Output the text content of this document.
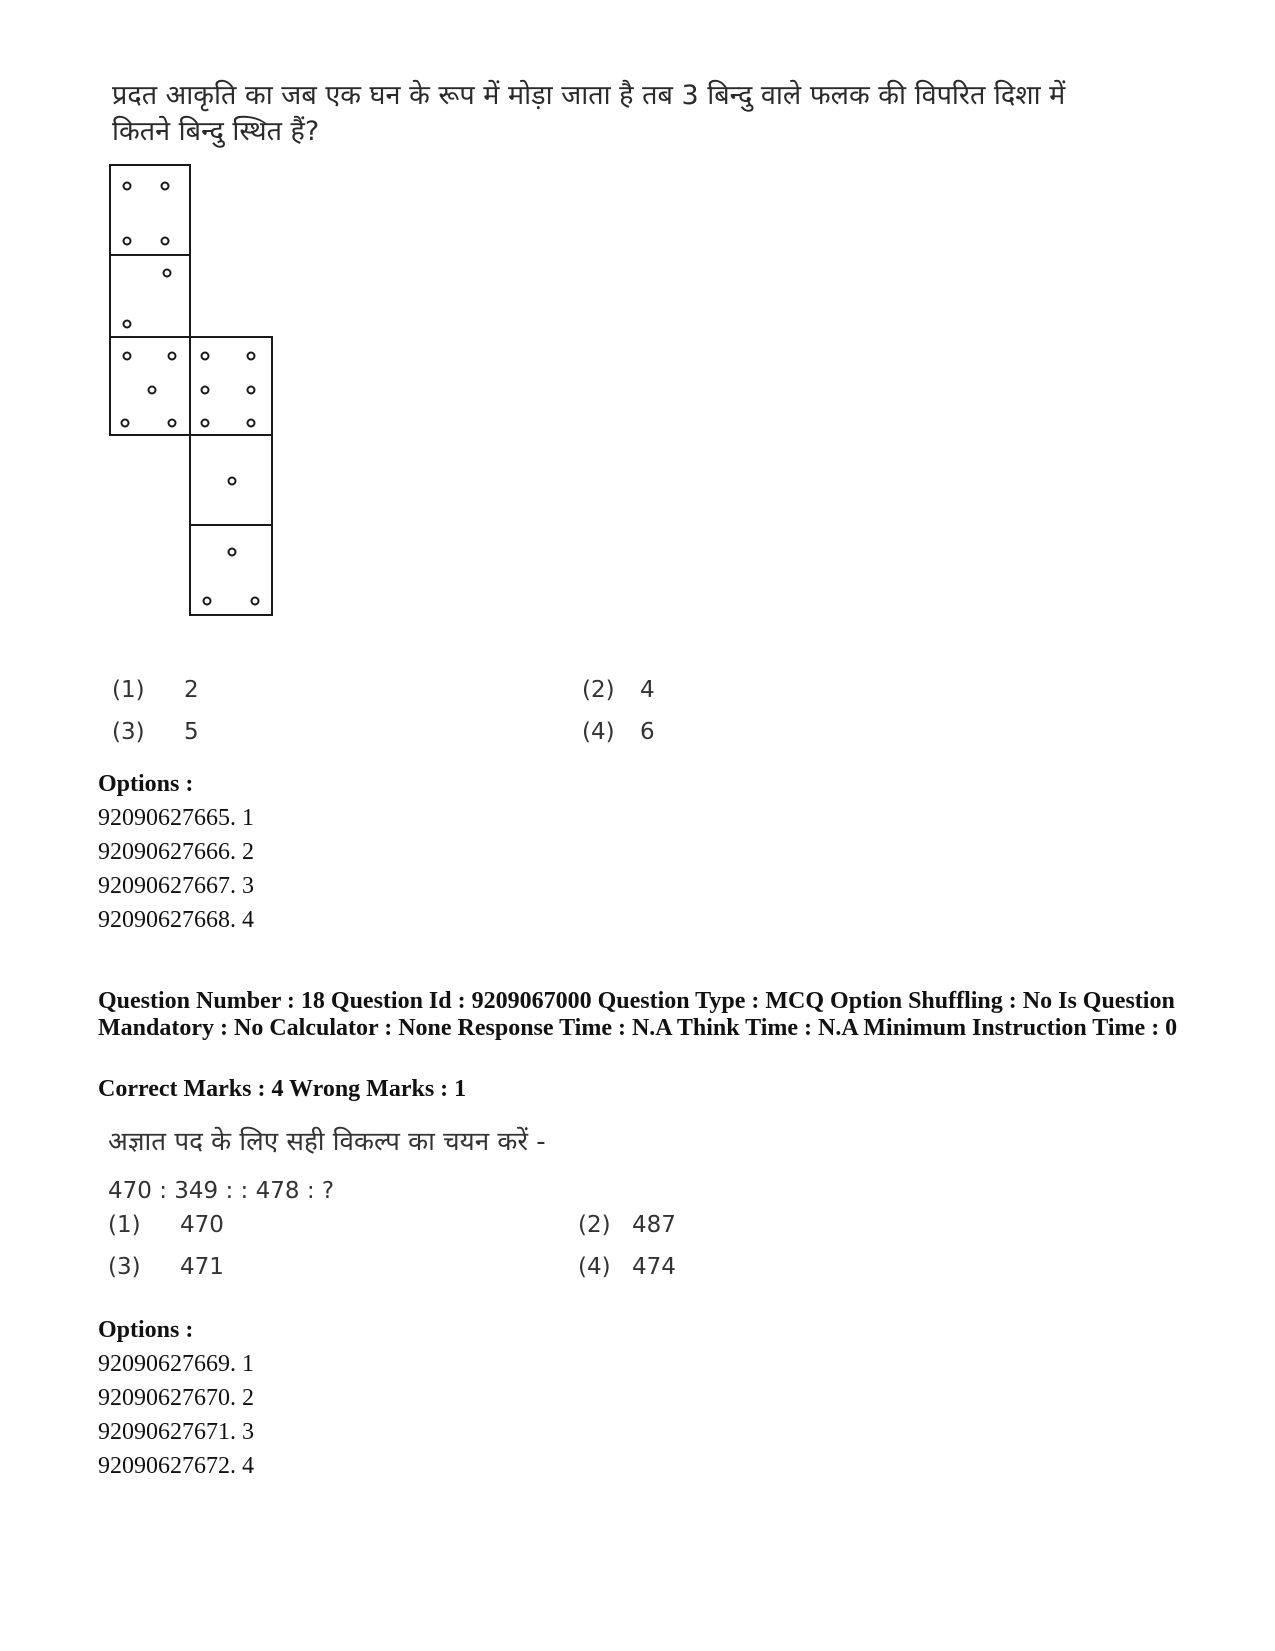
प्रदत आकृति का जब एक घन के रूप में मोड़ा जाता है तब 3 बिन्दु वाले फलक की विपरित दिशा में कितने बिन्दु स्थित हैं?
(1) 2	(2) 4
(3) 5	(4) 6
Options :
92090627665. 1
92090627666. 2
92090627667. 3
92090627668. 4
Question Number : 18 Question Id : 9209067000 Question Type : MCQ Option Shuffling : No Is Question Mandatory : No Calculator : None Response Time : N.A Think Time : N.A Minimum Instruction Time : 0
Correct Marks : 4 Wrong Marks : 1
अज्ञात पद के लिए सही विकल्प का चयन करें -
470 : 349 : : 478 : ?
(1) 470	(2) 487
(3) 471	(4) 474
Options :
92090627669. 1
92090627670. 2
92090627671. 3
92090627672. 4
